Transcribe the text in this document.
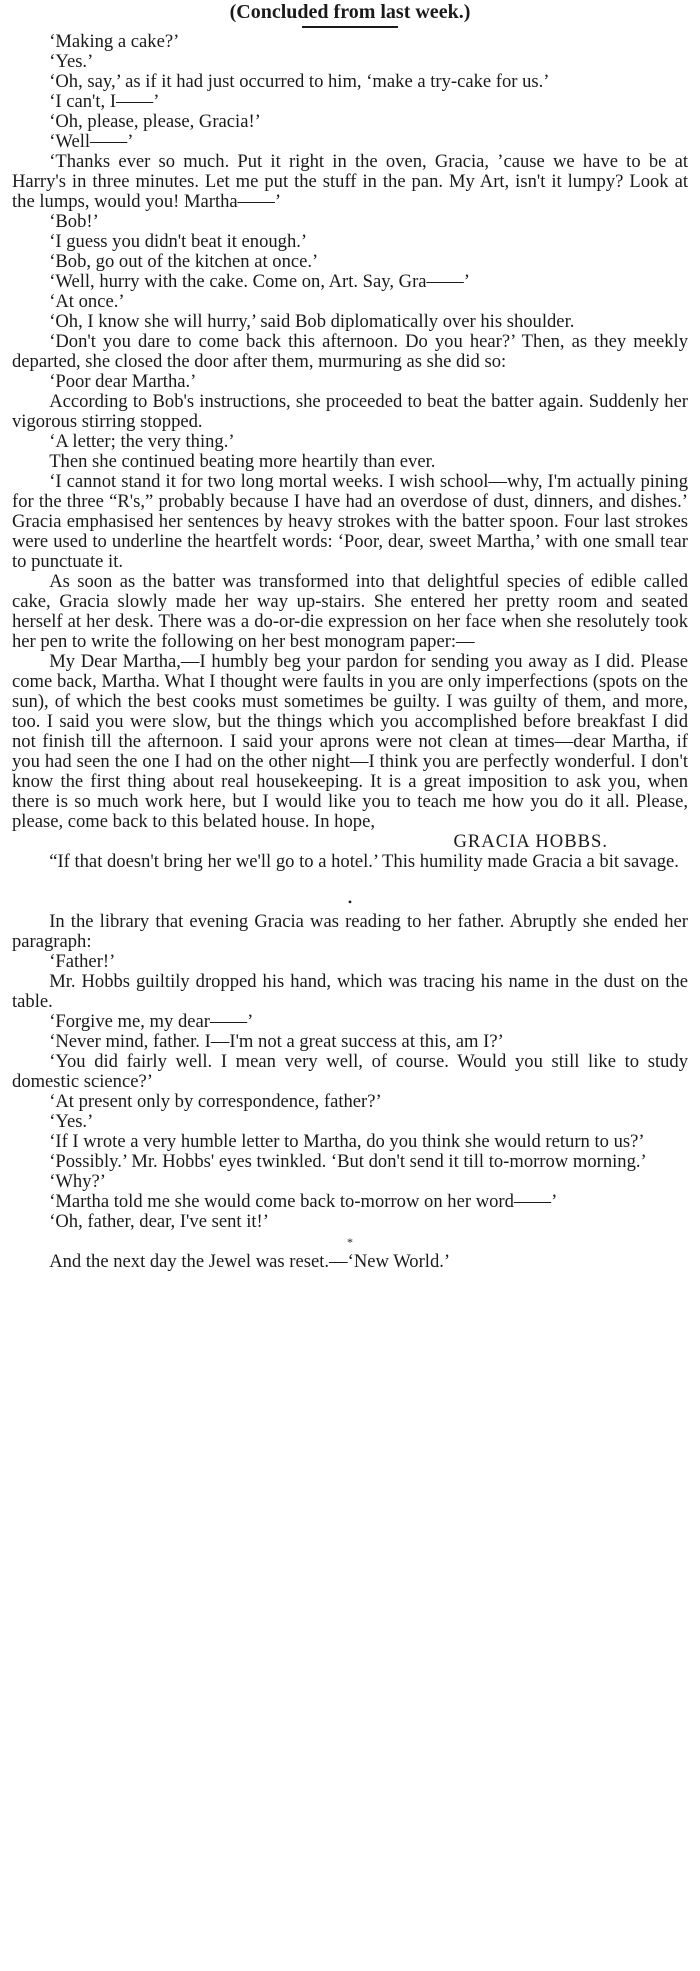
(Concluded from last week.)

‘Making a cake?’

‘Yes.’

‘Oh, say,’ as if it had just occurred to him, ‘make a try-cake for us.’

‘I can't, I——’

‘Oh, please, please, Gracia!’

‘Well——’

‘Thanks ever so much. Put it right in the oven, Gracia, ’cause we have to be at Harry's in three minutes. Let me put the stuff in the pan. My Art, isn't it lumpy? Look at the lumps, would you! Martha——’

‘Bob!’

‘I guess you didn't beat it enough.’

‘Bob, go out of the kitchen at once.’

‘Well, hurry with the cake. Come on, Art. Say, Gra——’

‘At once.’

‘Oh, I know she will hurry,’ said Bob diplomatically over his shoulder.

‘Don't you dare to come back this afternoon. Do you hear?’ Then, as they meekly departed, she closed the door after them, murmuring as she did so:

‘Poor dear Martha.’

According to Bob's instructions, she proceeded to beat the batter again. Suddenly her vigorous stirring stopped.

‘A letter; the very thing.’

Then she continued beating more heartily than ever.

‘I cannot stand it for two long mortal weeks. I wish school—why, I'm actually pining for the three “R's,” probably because I have had an overdose of dust, dinners, and dishes.’ Gracia emphasised her sentences by heavy strokes with the batter spoon. Four last strokes were used to underline the heartfelt words: ‘Poor, dear, sweet Martha,’ with one small tear to punctuate it.

As soon as the batter was transformed into that delightful species of edible called cake, Gracia slowly made her way up-stairs. She entered her pretty room and seated herself at her desk. There was a do-or-die expression on her face when she resolutely took her pen to write the following on her best monogram paper:—

My Dear Martha,—I humbly beg your pardon for sending you away as I did. Please come back, Martha. What I thought were faults in you are only imperfections (spots on the sun), of which the best cooks must sometimes be guilty. I was guilty of them, and more, too. I said you were slow, but the things which you accomplished before breakfast I did not finish till the afternoon. I said your aprons were not clean at times—dear Martha, if you had seen the one I had on the other night—I think you are perfectly wonderful. I don't know the first thing about real housekeeping. It is a great imposition to ask you, when there is so much work here, but I would like you to teach me how you do it all. Please, please, come back to this belated house. In hope,

GRACIA HOBBS.

“If that doesn't bring her we'll go to a hotel.’ This humility made Gracia a bit savage.

•

In the library that evening Gracia was reading to her father. Abruptly she ended her paragraph:

‘Father!’

Mr. Hobbs guiltily dropped his hand, which was tracing his name in the dust on the table.

‘Forgive me, my dear——’

‘Never mind, father. I—I'm not a great success at this, am I?’

‘You did fairly well. I mean very well, of course. Would you still like to study domestic science?’

‘At present only by correspondence, father?’

‘Yes.’

‘If I wrote a very humble letter to Martha, do you think she would return to us?’

‘Possibly.’ Mr. Hobbs' eyes twinkled. ‘But don't send it till to-morrow morning.’

‘Why?’

‘Martha told me she would come back to-morrow on her word——’

‘Oh, father, dear, I've sent it!’

*

And the next day the Jewel was reset.—‘New World.’
